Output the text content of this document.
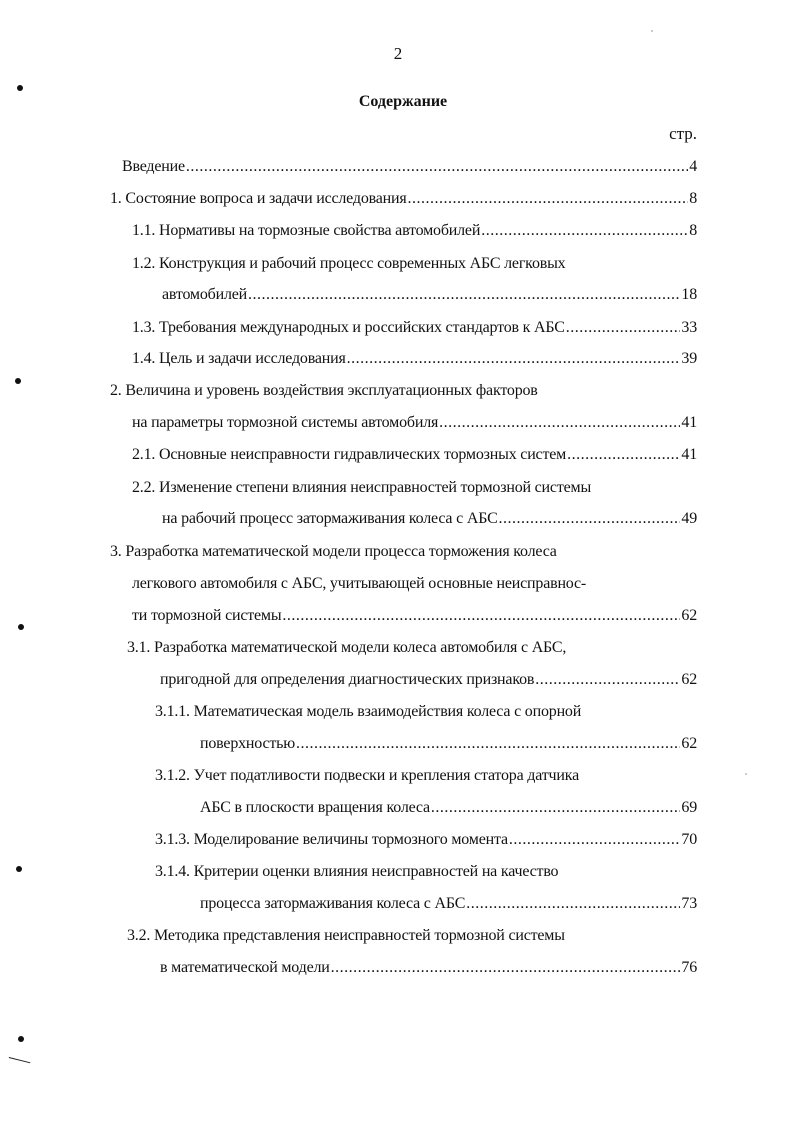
2
Содержание
стр.
Введение .....	4
1. Состояние вопроса и задачи исследования .....	8
1.1. Нормативы на тормозные свойства автомобилей .....	8
1.2. Конструкция и рабочий процесс современных АБС легковых
автомобилей .....	18
1.3. Требования международных и российских стандартов к АБС .....	33
1.4. Цель и задачи исследования .....	39
2. Величина и уровень воздействия эксплуатационных факторов
на параметры тормозной системы автомобиля .....	41
2.1. Основные неисправности гидравлических тормозных систем .....	41
2.2. Изменение степени влияния неисправностей тормозной системы
на рабочий процесс затормаживания колеса с АБС .....	49
3. Разработка математической модели процесса торможения колеса
легкового автомобиля с АБС, учитывающей основные неисправнос-
ти тормозной системы .....	62
3.1. Разработка математической модели колеса автомобиля с АБС,
пригодной для определения диагностических признаков .....	62
3.1.1. Математическая модель взаимодействия колеса с опорной
поверхностью .....	62
3.1.2. Учет податливости подвески и крепления статора датчика
АБС в плоскости вращения колеса .....	69
3.1.3. Моделирование величины тормозного момента .....	70
3.1.4. Критерии оценки влияния неисправностей на качество
процесса затормаживания колеса с АБС .....	73
3.2. Методика представления неисправностей тормозной системы
в математической модели .....	76
